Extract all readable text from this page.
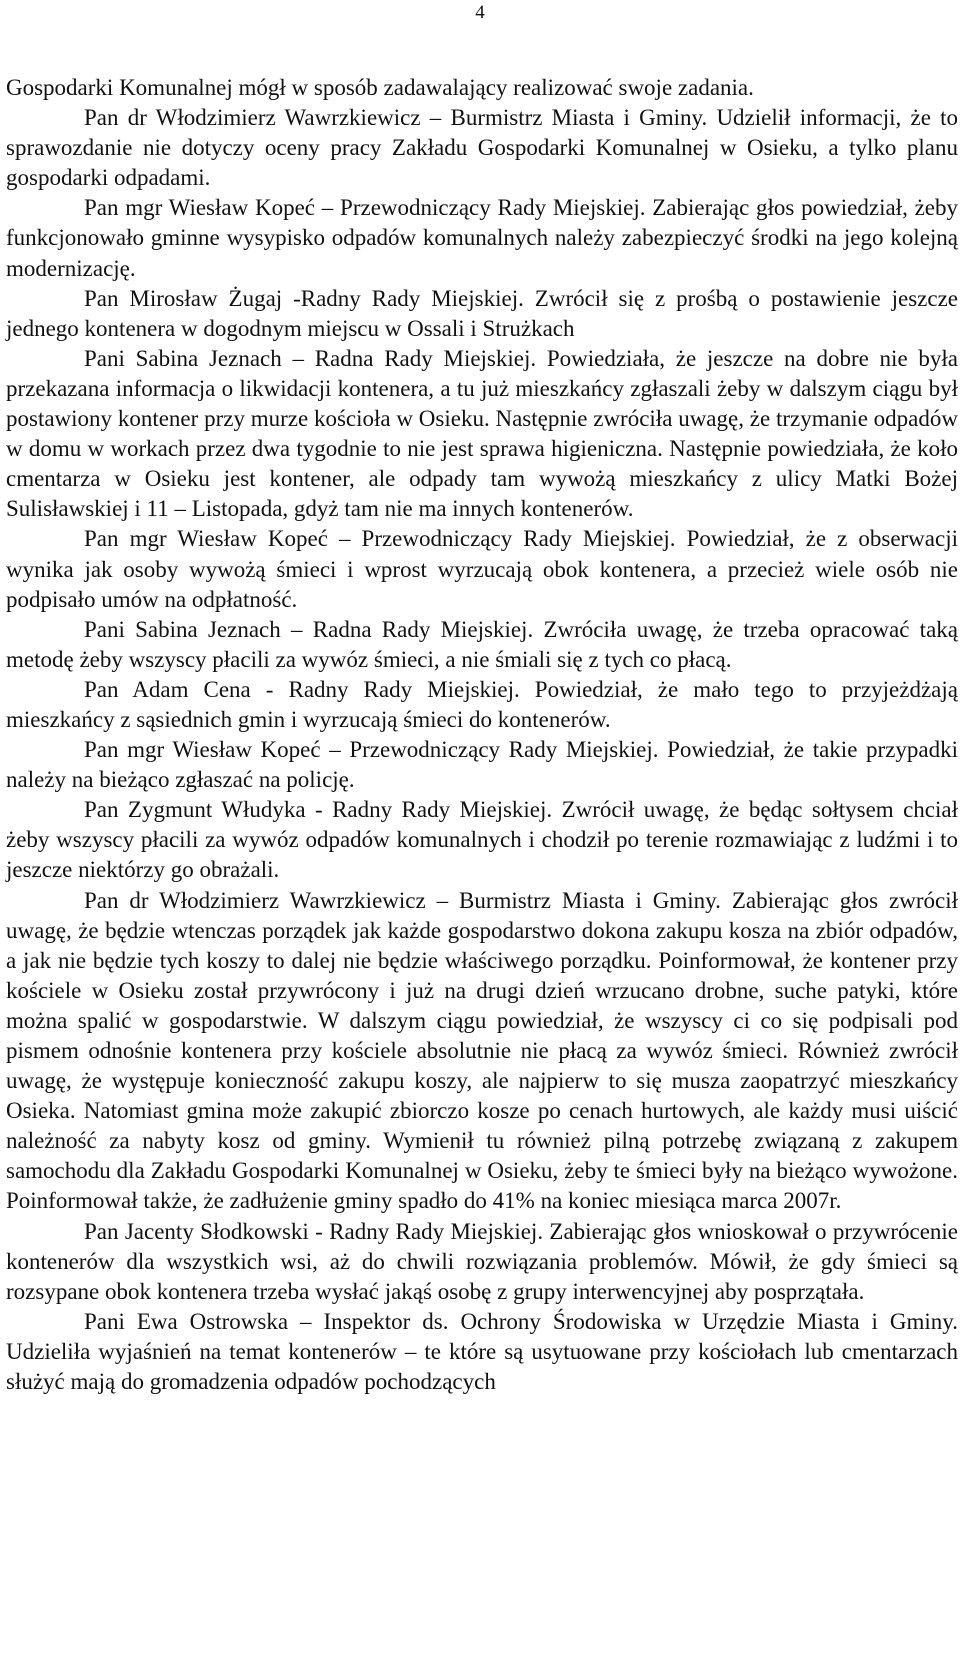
4

Gospodarki Komunalnej mógł w sposób zadawalający realizować swoje zadania.

Pan dr Włodzimierz Wawrzkiewicz – Burmistrz Miasta i Gminy. Udzielił informacji, że to sprawozdanie nie dotyczy oceny pracy Zakładu Gospodarki Komunalnej w Osieku, a tylko planu gospodarki odpadami.

Pan mgr Wiesław Kopeć – Przewodniczący Rady Miejskiej. Zabierając głos powiedział, żeby funkcjonowało gminne wysypisko odpadów komunalnych należy zabezpieczyć środki na jego kolejną modernizację.

Pan Mirosław Żugaj -Radny Rady Miejskiej. Zwrócił się z prośbą o postawienie jeszcze jednego kontenera w dogodnym miejscu w Ossali i Strużkach

Pani Sabina Jeznach – Radna Rady Miejskiej. Powiedziała, że jeszcze na dobre nie była przekazana informacja o likwidacji kontenera, a tu już mieszkańcy zgłaszali żeby w dalszym ciągu był postawiony kontener przy murze kościoła w Osieku. Następnie zwróciła uwagę, że trzymanie odpadów w domu w workach przez dwa tygodnie to nie jest sprawa higieniczna. Następnie powiedziała, że koło cmentarza w Osieku jest kontener, ale odpady tam wywożą mieszkańcy z ulicy Matki Bożej Sulisławskiej i 11 – Listopada, gdyż tam nie ma innych kontenerów.

Pan mgr Wiesław Kopeć – Przewodniczący Rady Miejskiej. Powiedział, że z obserwacji wynika jak osoby wywożą śmieci i wprost wyrzucają obok kontenera, a przecież wiele osób nie podpisało umów na odpłatność.

Pani Sabina Jeznach – Radna Rady Miejskiej. Zwróciła uwagę, że trzeba opracować taką metodę żeby wszyscy płacili za wywóz śmieci, a nie śmiali się z tych co płacą.

Pan Adam Cena - Radny Rady Miejskiej. Powiedział, że mało tego to przyjeżdżają mieszkańcy z sąsiednich gmin i wyrzucają śmieci do kontenerów.

Pan mgr Wiesław Kopeć – Przewodniczący Rady Miejskiej. Powiedział, że takie przypadki należy na bieżąco zgłaszać na policję.

Pan Zygmunt Włudyka - Radny Rady Miejskiej. Zwrócił uwagę, że będąc sołtysem chciał żeby wszyscy płacili za wywóz odpadów komunalnych i chodził po terenie rozmawiając z ludźmi i to jeszcze niektórzy go obrażali.

Pan dr Włodzimierz Wawrzkiewicz – Burmistrz Miasta i Gminy. Zabierając głos zwrócił uwagę, że będzie wtenczas porządek jak każde gospodarstwo dokona zakupu kosza na zbiór odpadów, a jak nie będzie tych koszy to dalej nie będzie właściwego porządku. Poinformował, że kontener przy kościele w Osieku został przywrócony i już na drugi dzień wrzucano drobne, suche patyki, które można spalić w gospodarstwie. W dalszym ciągu powiedział, że wszyscy ci co się podpisali pod pismem odnośnie kontenera przy kościele absolutnie nie płacą za wywóz śmieci. Również zwrócił uwagę, że występuje konieczność zakupu koszy, ale najpierw to się musza zaopatrzyć mieszkańcy Osieka. Natomiast gmina może zakupić zbiorczo kosze po cenach hurtowych, ale każdy musi uiścić należność za nabyty kosz od gminy. Wymienił tu również pilną potrzebę związaną z zakupem samochodu dla Zakładu Gospodarki Komunalnej w Osieku, żeby te śmieci były na bieżąco wywożone. Poinformował także, że zadłużenie gminy spadło do 41% na koniec miesiąca marca 2007r.

Pan Jacenty Słodkowski - Radny Rady Miejskiej. Zabierając głos wnioskował o przywrócenie kontenerów dla wszystkich wsi, aż do chwili rozwiązania problemów. Mówił, że gdy śmieci są rozsypane obok kontenera trzeba wysłać jakąś osobę z grupy interwencyjnej aby posprzątała.

Pani Ewa Ostrowska – Inspektor ds. Ochrony Środowiska w Urzędzie Miasta i Gminy. Udzieliła wyjaśnień na temat kontenerów – te które są usytuowane przy kościołach lub cmentarzach służyć mają do gromadzenia odpadów pochodzących
